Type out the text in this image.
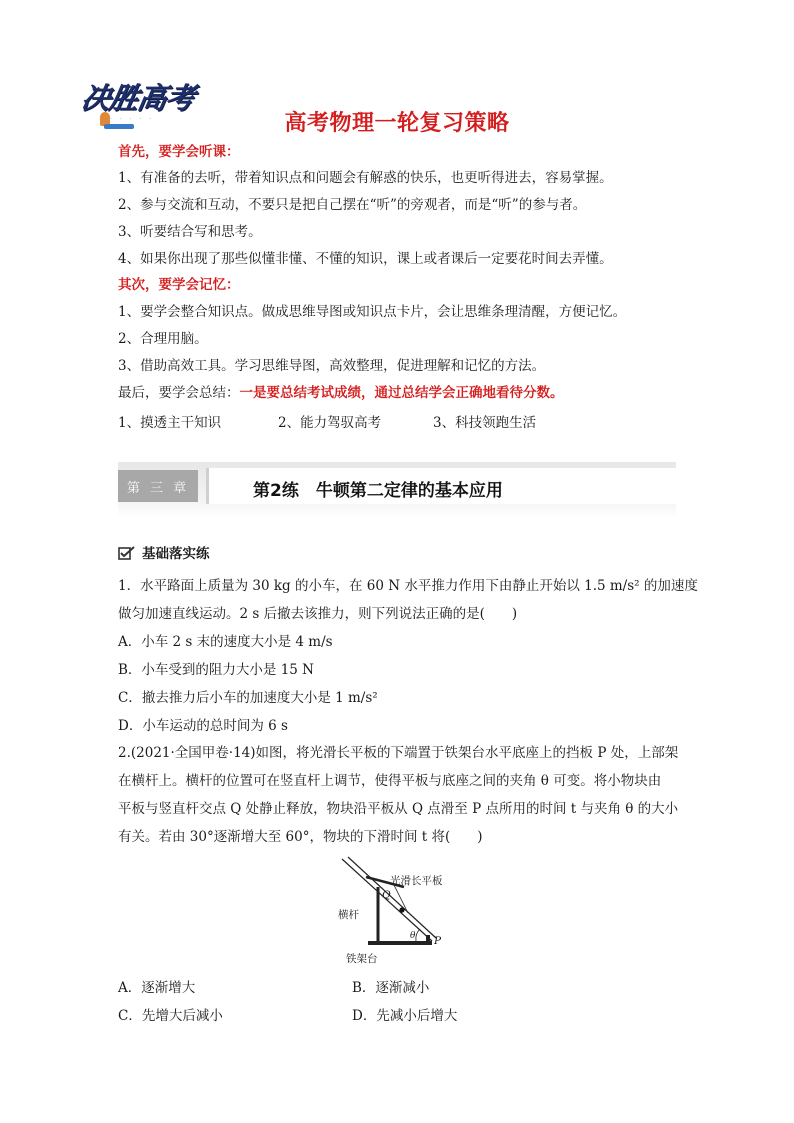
决胜高考
· · · · ·	高考物理一轮复习策略
首先，要学会听课：
1、有准备的去听，带着知识点和问题会有解惑的快乐，也更听得进去，容易掌握。
2、参与交流和互动，不要只是把自己摆在“听”的旁观者，而是“听”的参与者。
3、听要结合写和思考。
4、如果你出现了那些似懂非懂、不懂的知识，课上或者课后一定要花时间去弄懂。
其次，要学会记忆：
1、要学会整合知识点。做成思维导图或知识点卡片，会让思维条理清醒，方便记忆。
2、合理用脑。
3、借助高效工具。学习思维导图，高效整理，促进理解和记忆的方法。
最后，要学会总结：一是要总结考试成绩，通过总结学会正确地看待分数。
1、摸透主干知识	2、能力驾驭高考	3、科技领跑生活
第 三 章	第2练　牛顿第二定律的基本应用
基础落实练
1．水平路面上质量为 30 kg 的小车，在 60 N 水平推力作用下由静止开始以 1.5 m/s² 的加速度
做匀加速直线运动。2 s 后撤去该推力，则下列说法正确的是(　　)
A．小车 2 s 末的速度大小是 4 m/s
B．小车受到的阻力大小是 15 N
C．撤去推力后小车的加速度大小是 1 m/s²
D．小车运动的总时间为 6 s
2.(2021·全国甲卷·14)如图，将光滑长平板的下端置于铁架台水平底座上的挡板 P 处，上部架
在横杆上。横杆的位置可在竖直杆上调节，使得平板与底座之间的夹角 θ 可变。将小物块由
平板与竖直杆交点 Q 处静止释放，物块沿平板从 Q 点滑至 P 点所用的时间 t 与夹角 θ 的大小
有关。若由 30°逐渐增大至 60°，物块的下滑时间 t 将(　　)
光滑长平板
Q
横杆
θ P
铁架台
A．逐渐增大	B．逐渐减小
C．先增大后减小	D．先减小后增大
